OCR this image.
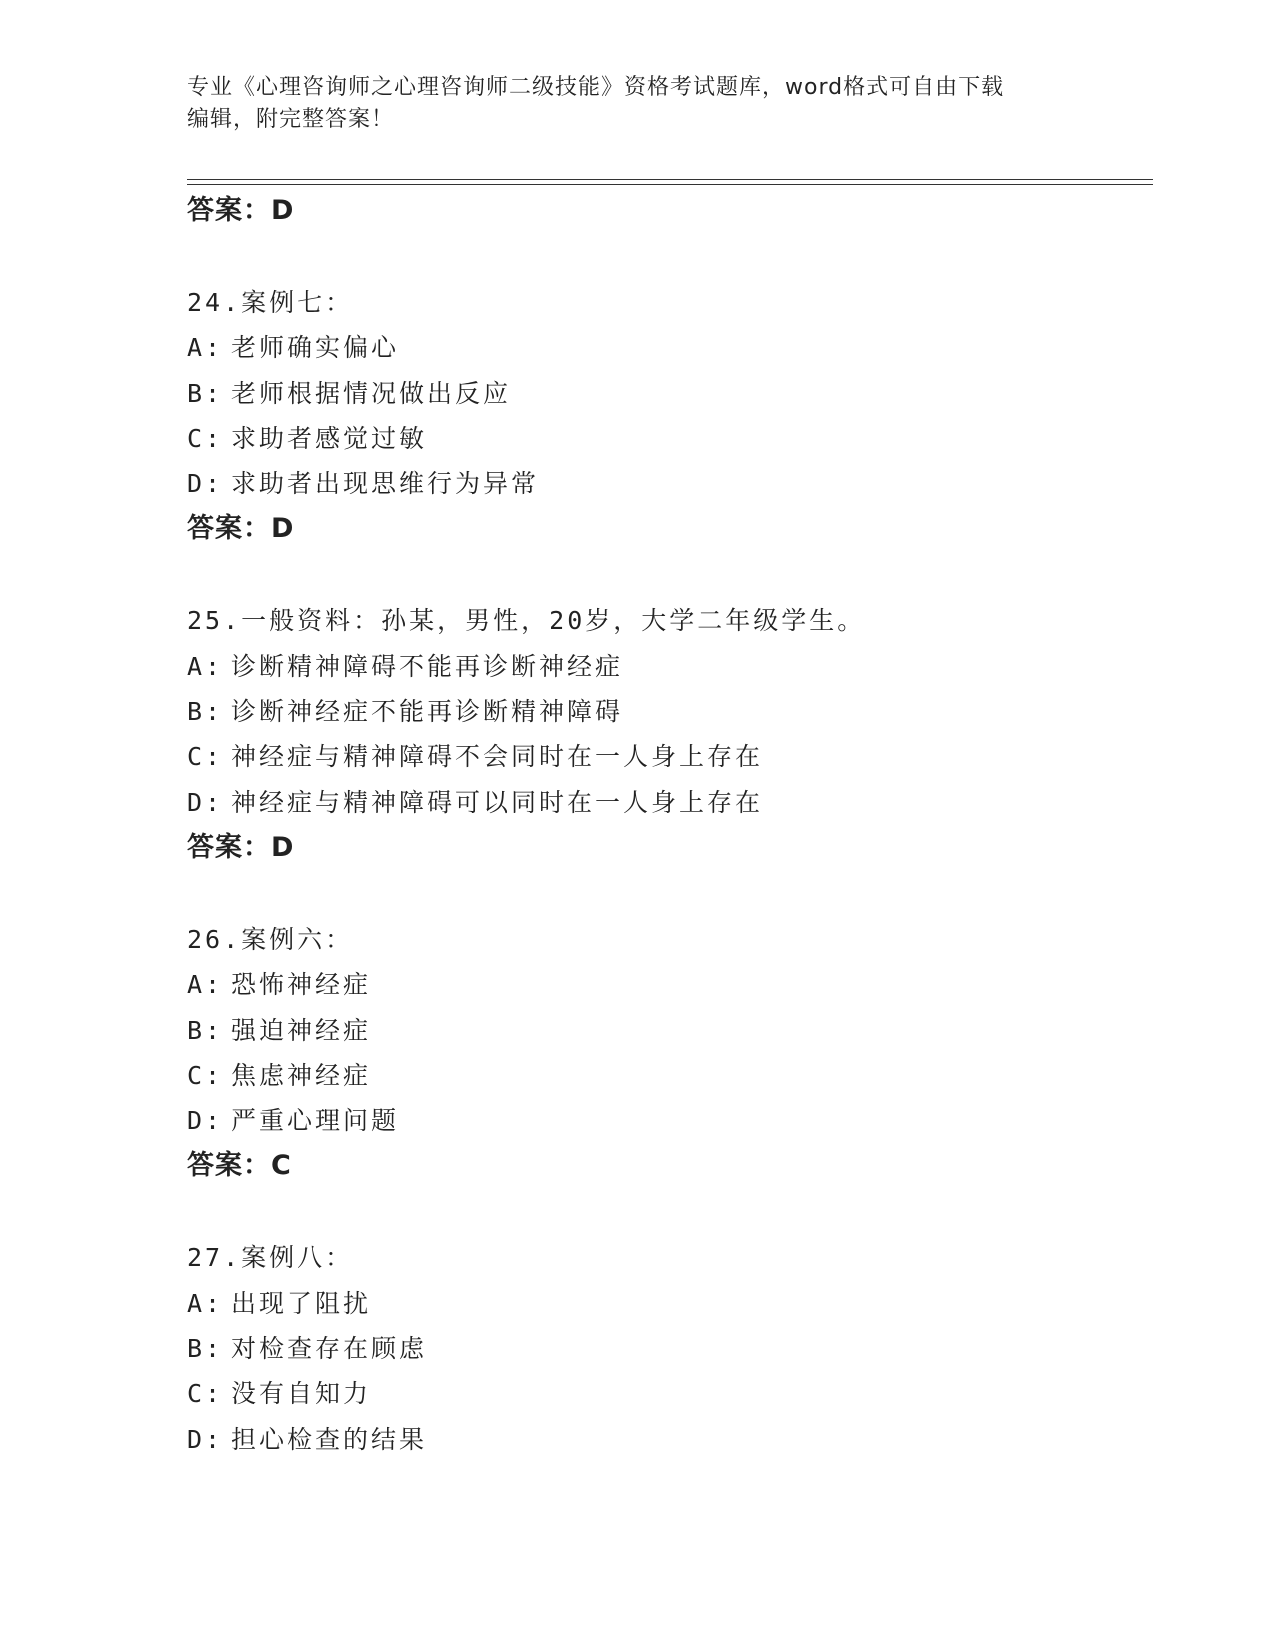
专业《心理咨询师之心理咨询师二级技能》资格考试题库，word格式可自由下载
编辑，附完整答案！
答案：D
24.案例七：
A: 老师确实偏心
B: 老师根据情况做出反应
C: 求助者感觉过敏
D: 求助者出现思维行为异常
答案：D
25.一般资料：孙某，男性，20岁，大学二年级学生。
A: 诊断精神障碍不能再诊断神经症
B: 诊断神经症不能再诊断精神障碍
C: 神经症与精神障碍不会同时在一人身上存在
D: 神经症与精神障碍可以同时在一人身上存在
答案：D
26.案例六：
A: 恐怖神经症
B: 强迫神经症
C: 焦虑神经症
D: 严重心理问题
答案：C
27.案例八：
A: 出现了阻扰
B: 对检查存在顾虑
C: 没有自知力
D: 担心检查的结果
